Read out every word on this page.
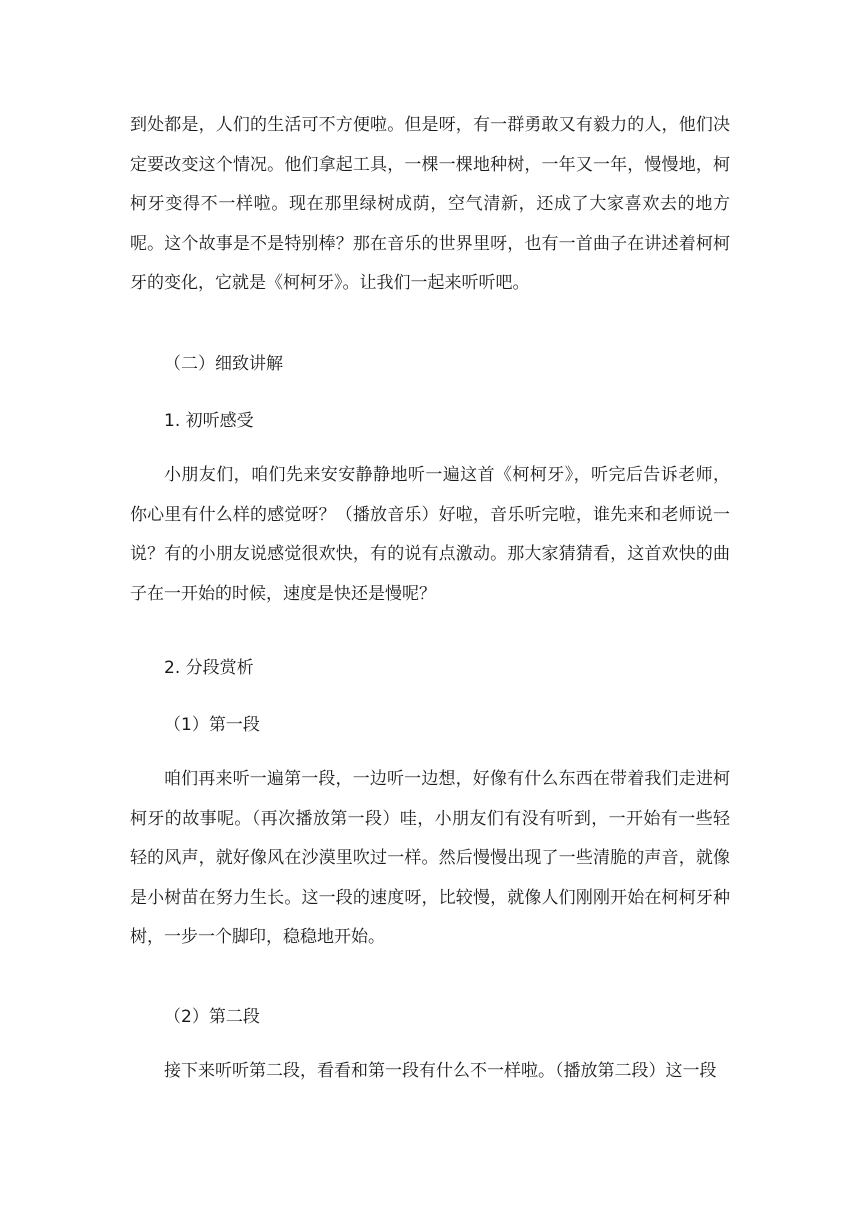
到处都是，人们的生活可不方便啦。但是呀，有一群勇敢又有毅力的人，他们决定要改变这个情况。他们拿起工具，一棵一棵地种树，一年又一年，慢慢地，柯柯牙变得不一样啦。现在那里绿树成荫，空气清新，还成了大家喜欢去的地方呢。这个故事是不是特别棒？那在音乐的世界里呀，也有一首曲子在讲述着柯柯牙的变化，它就是《柯柯牙》。让我们一起来听听吧。
（二）细致讲解
1. 初听感受
小朋友们，咱们先来安安静静地听一遍这首《柯柯牙》，听完后告诉老师，你心里有什么样的感觉呀？（播放音乐）好啦，音乐听完啦，谁先来和老师说一说？有的小朋友说感觉很欢快，有的说有点激动。那大家猜猜看，这首欢快的曲子在一开始的时候，速度是快还是慢呢？
2. 分段赏析
（1）第一段
咱们再来听一遍第一段，一边听一边想，好像有什么东西在带着我们走进柯柯牙的故事呢。（再次播放第一段）哇，小朋友们有没有听到，一开始有一些轻轻的风声，就好像风在沙漠里吹过一样。然后慢慢出现了一些清脆的声音，就像是小树苗在努力生长。这一段的速度呀，比较慢，就像人们刚刚开始在柯柯牙种树，一步一个脚印，稳稳地开始。
（2）第二段
接下来听听第二段，看看和第一段有什么不一样啦。（播放第二段）这一段
